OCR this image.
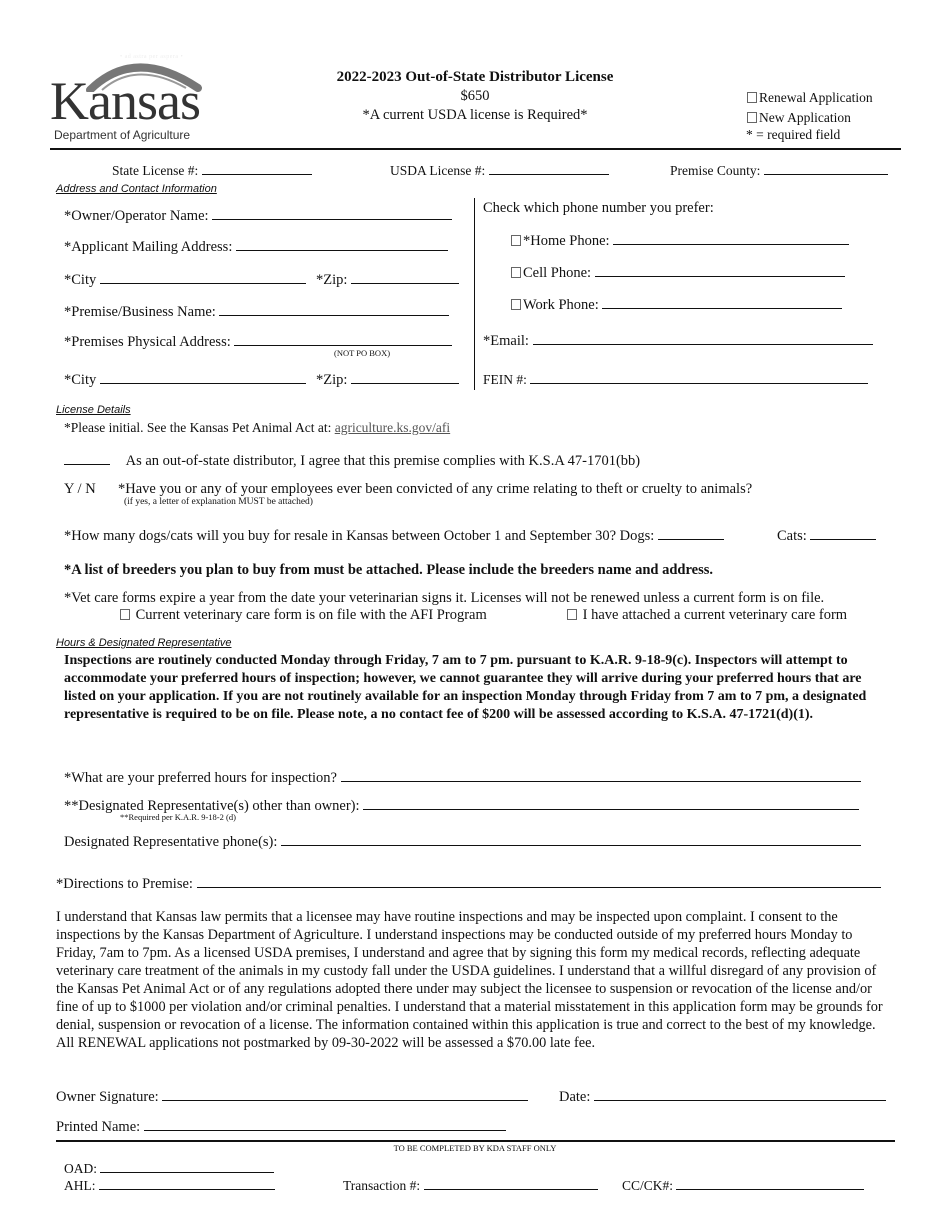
• ad astra per aspera •
Kansas
Department of Agriculture
2022-2023 Out-of-State Distributor License
$650
*A current USDA license is Required*
Renewal Application
New Application
* = required field
State License #:	USDA License #:	Premise County:
Address and Contact Information
*Owner/Operator Name:
*Applicant Mailing Address:
*City	*Zip:
*Premise/Business Name:
*Premises Physical Address:
(NOT PO BOX)
*City	*Zip:
Check which phone number you prefer:
*Home Phone:
Cell Phone:
Work Phone:
*Email:
FEIN #:
License Details
*Please initial. See the Kansas Pet Animal Act at: agriculture.ks.gov/afi
As an out-of-state distributor, I agree that this premise complies with K.S.A 47-1701(bb)
Y / N *Have you or any of your employees ever been convicted of any crime relating to theft or cruelty to animals?
(if yes, a letter of explanation MUST be attached)
*How many dogs/cats will you buy for resale in Kansas between October 1 and September 30? Dogs:	Cats:
*A list of breeders you plan to buy from must be attached. Please include the breeders name and address.
*Vet care forms expire a year from the date your veterinarian signs it. Licenses will not be renewed unless a current form is on file.
Current veterinary care form is on file with the AFI Program	I have attached a current veterinary care form
Hours & Designated Representative
Inspections are routinely conducted Monday through Friday, 7 am to 7 pm. pursuant to K.A.R. 9-18-9(c). Inspectors will attempt to accommodate your preferred hours of inspection; however, we cannot guarantee they will arrive during your preferred hours that are listed on your application. If you are not routinely available for an inspection Monday through Friday from 7 am to 7 pm, a designated representative is required to be on file. Please note, a no contact fee of $200 will be assessed according to K.S.A. 47-1721(d)(1).
*What are your preferred hours for inspection?
**Designated Representative(s) other than owner):
**Required per K.A.R. 9-18-2 (d)
Designated Representative phone(s):
*Directions to Premise:
I understand that Kansas law permits that a licensee may have routine inspections and may be inspected upon complaint. I consent to the inspections by the Kansas Department of Agriculture. I understand inspections may be conducted outside of my preferred hours Monday to Friday, 7am to 7pm. As a licensed USDA premises, I understand and agree that by signing this form my medical records, reflecting adequate veterinary care treatment of the animals in my custody fall under the USDA guidelines. I understand that a willful disregard of any provision of the Kansas Pet Animal Act or of any regulations adopted there under may subject the licensee to suspension or revocation of the license and/or fine of up to $1000 per violation and/or criminal penalties. I understand that a material misstatement in this application form may be grounds for denial, suspension or revocation of a license. The information contained within this application is true and correct to the best of my knowledge. All RENEWAL applications not postmarked by 09-30-2022 will be assessed a $70.00 late fee.
Owner Signature:	Date:
Printed Name:
TO BE COMPLETED BY KDA STAFF ONLY
OAD:
AHL:	Transaction #:	CC/CK#:
